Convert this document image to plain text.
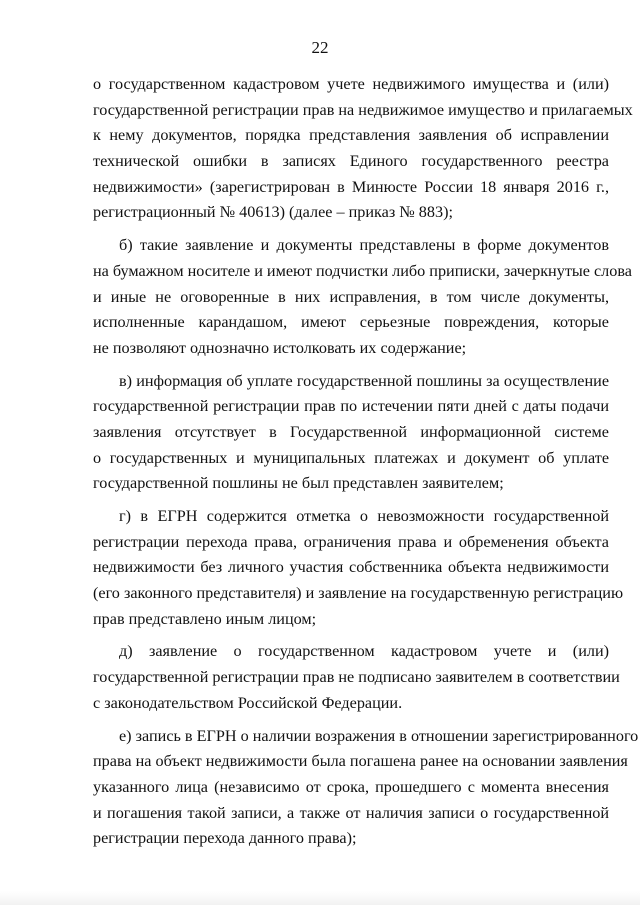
22
о государственном кадастровом учете недвижимого имущества и (или)
государственной регистрации прав на недвижимое имущество и прилагаемых
к нему документов, порядка представления заявления об исправлении
технической ошибки в записях Единого государственного реестра
недвижимости» (зарегистрирован в Минюсте России 18 января 2016 г.,
регистрационный № 40613) (далее – приказ № 883);
б) такие заявление и документы представлены в форме документов
на бумажном носителе и имеют подчистки либо приписки, зачеркнутые слова
и иные не оговоренные в них исправления, в том числе документы,
исполненные карандашом, имеют серьезные повреждения, которые
не позволяют однозначно истолковать их содержание;
в) информация об уплате государственной пошлины за осуществление
государственной регистрации прав по истечении пяти дней с даты подачи
заявления отсутствует в Государственной информационной системе
о государственных и муниципальных платежах и документ об уплате
государственной пошлины не был представлен заявителем;
г) в ЕГРН содержится отметка о невозможности государственной
регистрации перехода права, ограничения права и обременения объекта
недвижимости без личного участия собственника объекта недвижимости
(его законного представителя) и заявление на государственную регистрацию
прав представлено иным лицом;
д) заявление о государственном кадастровом учете и (или)
государственной регистрации прав не подписано заявителем в соответствии
с законодательством Российской Федерации.
е) запись в ЕГРН о наличии возражения в отношении зарегистрированного
права на объект недвижимости была погашена ранее на основании заявления
указанного лица (независимо от срока, прошедшего с момента внесения
и погашения такой записи, а также от наличия записи о государственной
регистрации перехода данного права);
